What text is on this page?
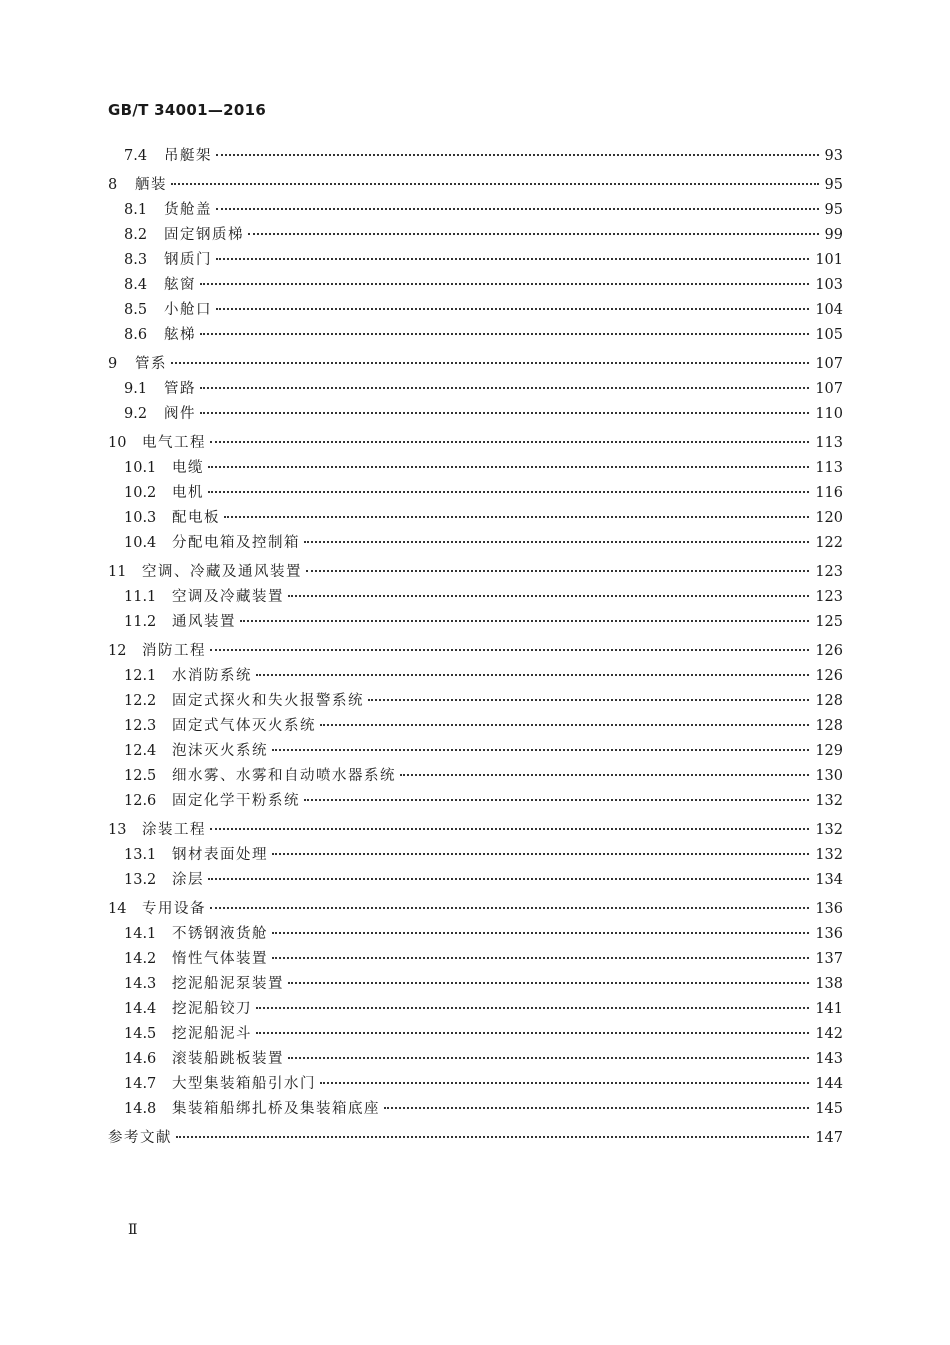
GB/T 34001—2016
7.4	吊艇架	93
8	舾装	95
8.1	货舱盖	95
8.2	固定钢质梯	99
8.3	钢质门	101
8.4	舷窗	103
8.5	小舱口	104
8.6	舷梯	105
9	管系	107
9.1	管路	107
9.2	阀件	110
10	电气工程	113
10.1	电缆	113
10.2	电机	116
10.3	配电板	120
10.4	分配电箱及控制箱	122
11	空调、冷藏及通风装置	123
11.1	空调及冷藏装置	123
11.2	通风装置	125
12	消防工程	126
12.1	水消防系统	126
12.2	固定式探火和失火报警系统	128
12.3	固定式气体灭火系统	128
12.4	泡沫灭火系统	129
12.5	细水雾、水雾和自动喷水器系统	130
12.6	固定化学干粉系统	132
13	涂装工程	132
13.1	钢材表面处理	132
13.2	涂层	134
14	专用设备	136
14.1	不锈钢液货舱	136
14.2	惰性气体装置	137
14.3	挖泥船泥泵装置	138
14.4	挖泥船铰刀	141
14.5	挖泥船泥斗	142
14.6	滚装船跳板装置	143
14.7	大型集装箱船引水门	144
14.8	集装箱船绑扎桥及集装箱底座	145
参考文献	147
Ⅱ
